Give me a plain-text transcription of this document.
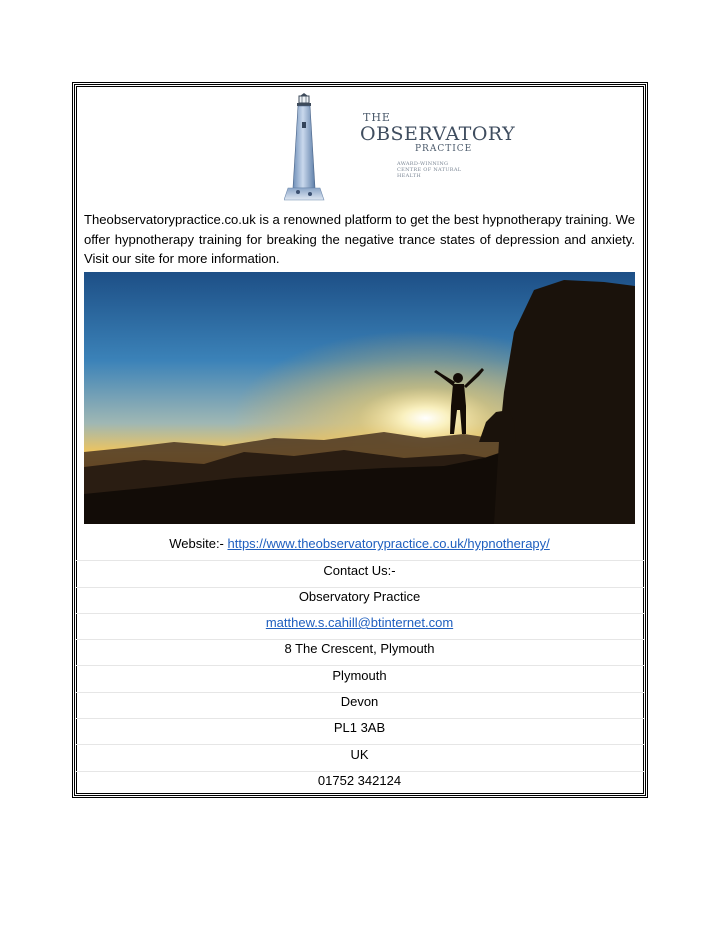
THE
OBSERVATORY
PRACTICE
AWARD-WINNING CENTRE OF NATURAL HEALTH

Theobservatorypractice.co.uk is a renowned platform to get the best hypnotherapy training. We offer hypnotherapy training for breaking the negative trance states of depression and anxiety. Visit our site for more information.

Website:- https://www.theobservatorypractice.co.uk/hypnotherapy/
Contact Us:-
Observatory Practice
matthew.s.cahill@btinternet.com
8 The Crescent, Plymouth
Plymouth
Devon
PL1 3AB
UK
01752 342124
